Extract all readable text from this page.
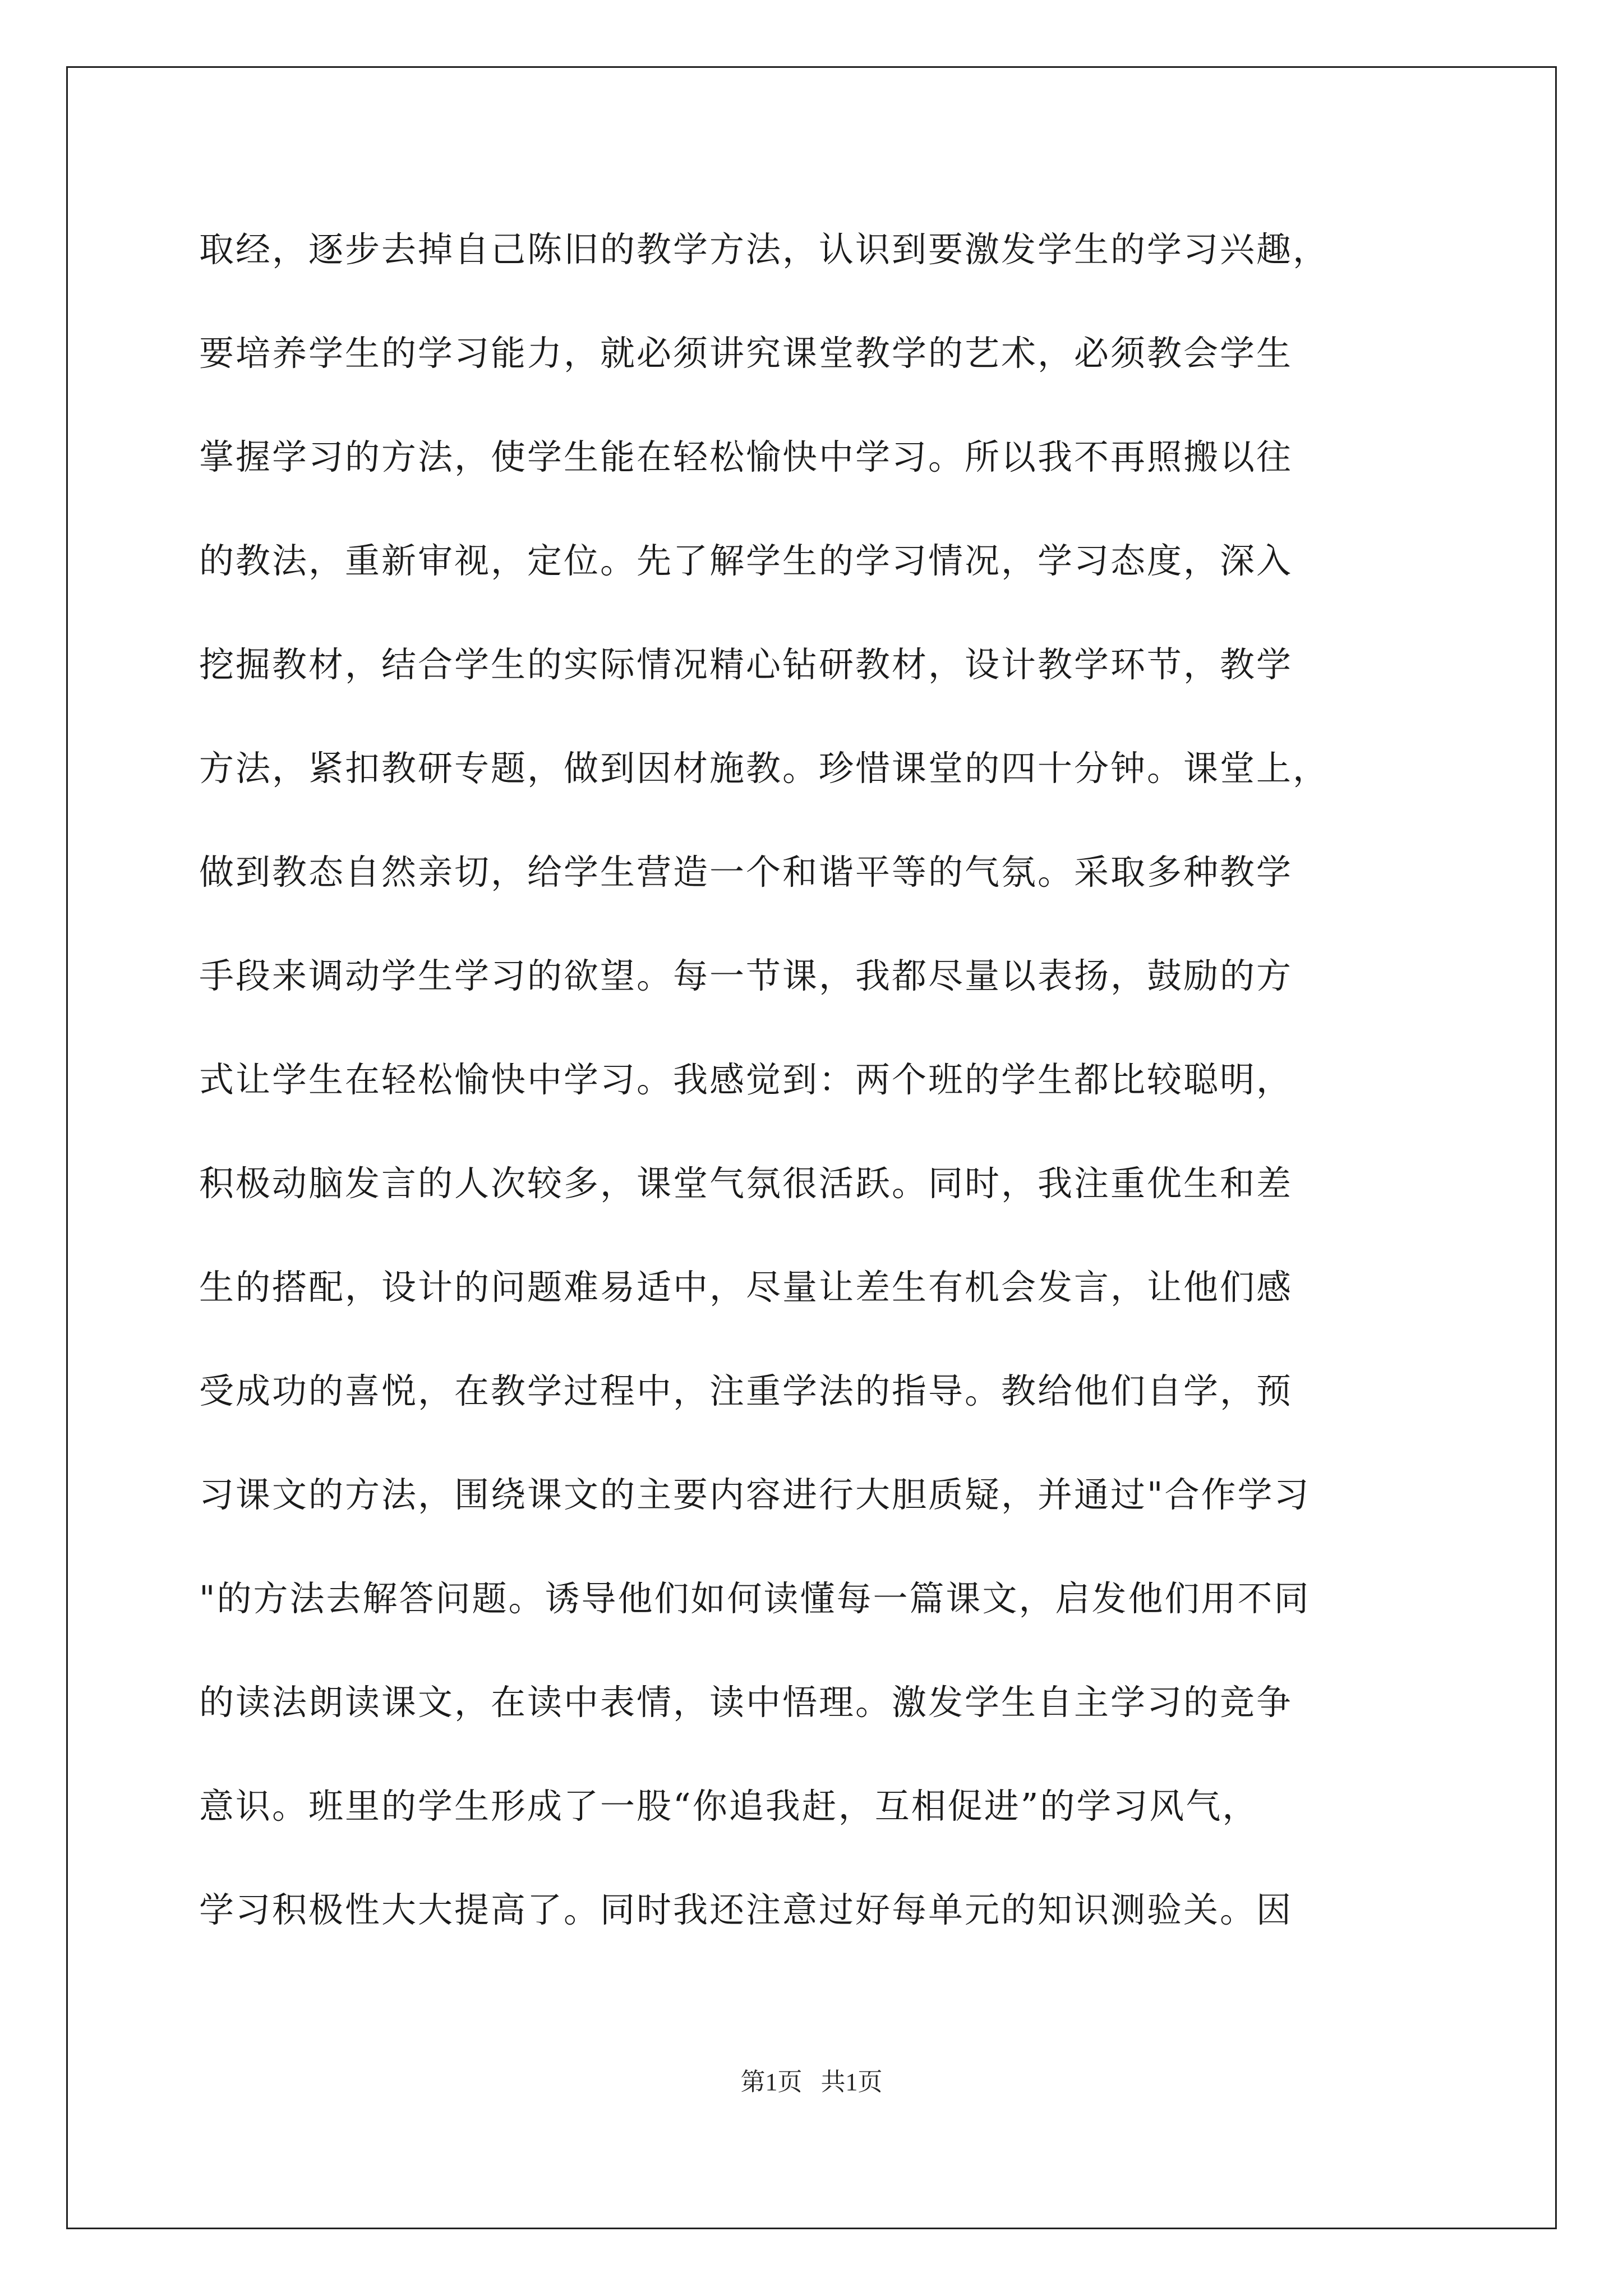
取经，逐步去掉自己陈旧的教学方法，认识到要激发学生的学习兴趣，
要培养学生的学习能力，就必须讲究课堂教学的艺术，必须教会学生
掌握学习的方法，使学生能在轻松愉快中学习。所以我不再照搬以往
的教法，重新审视，定位。先了解学生的学习情况，学习态度，深入
挖掘教材，结合学生的实际情况精心钻研教材，设计教学环节，教学
方法，紧扣教研专题，做到因材施教。珍惜课堂的四十分钟。课堂上，
做到教态自然亲切，给学生营造一个和谐平等的气氛。采取多种教学
手段来调动学生学习的欲望。每一节课，我都尽量以表扬，鼓励的方
式让学生在轻松愉快中学习。我感觉到：两个班的学生都比较聪明，
积极动脑发言的人次较多，课堂气氛很活跃。同时，我注重优生和差
生的搭配，设计的问题难易适中，尽量让差生有机会发言，让他们感
受成功的喜悦，在教学过程中，注重学法的指导。教给他们自学，预
习课文的方法，围绕课文的主要内容进行大胆质疑，并通过"合作学习
"的方法去解答问题。诱导他们如何读懂每一篇课文，启发他们用不同
的读法朗读课文，在读中表情，读中悟理。激发学生自主学习的竞争
意识。班里的学生形成了一股“你追我赶，互相促进”的学习风气，
学习积极性大大提高了。同时我还注意过好每单元的知识测验关。因
第1页   共1页
